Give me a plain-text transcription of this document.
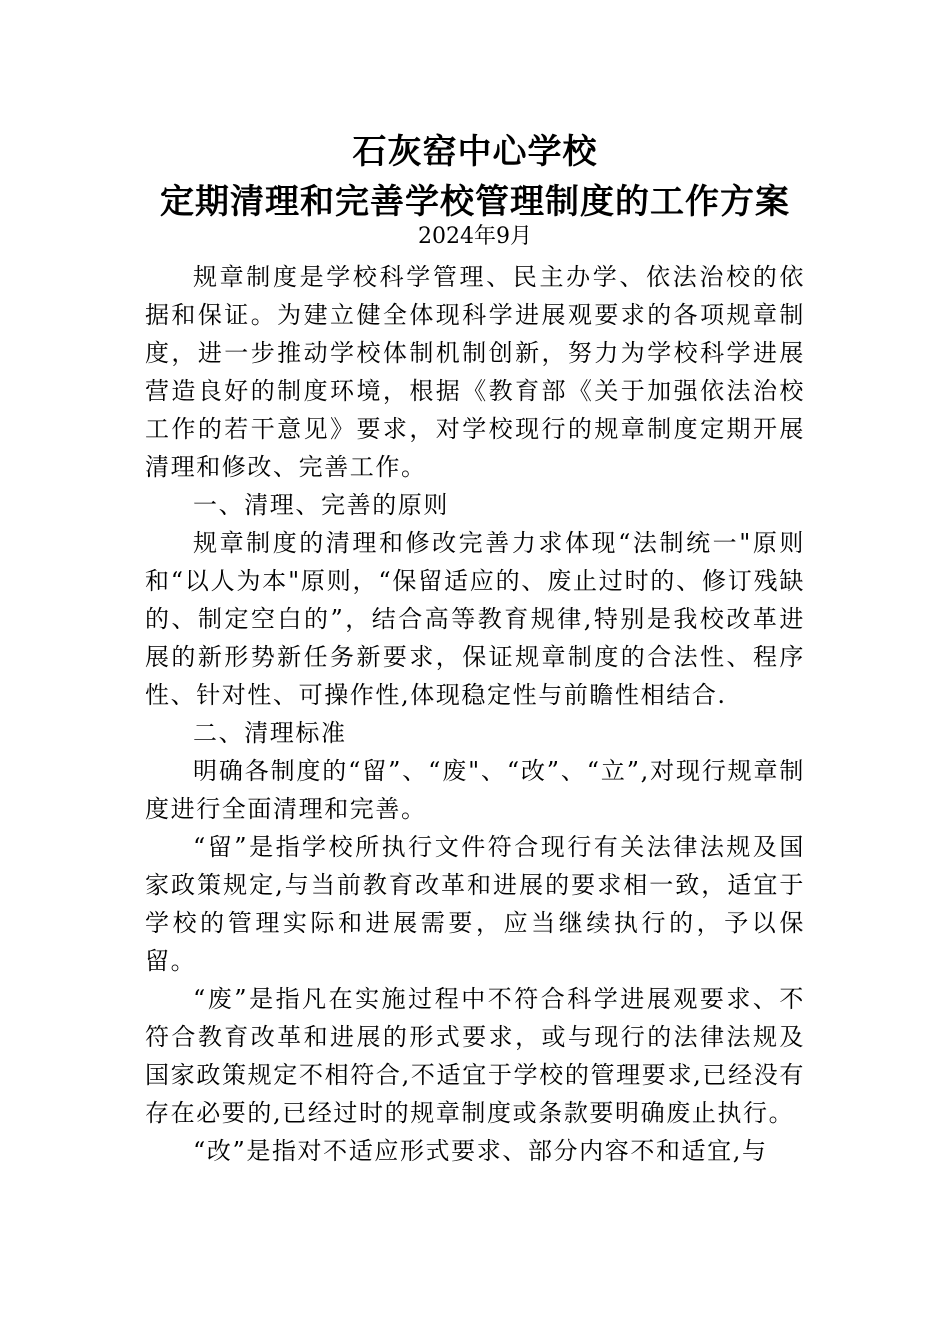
石灰窑中心学校
定期清理和完善学校管理制度的工作方案
2024年9月

规章制度是学校科学管理、民主办学、依法治校的依据和保证。为建立健全体现科学进展观要求的各项规章制度，进一步推动学校体制机制创新，努力为学校科学进展营造良好的制度环境，根据《教育部《关于加强依法治校工作的若干意见》要求，对学校现行的规章制度定期开展清理和修改、完善工作。

一、清理、完善的原则

规章制度的清理和修改完善力求体现“法制统一"原则和“以人为本"原则，“保留适应的、废止过时的、修订残缺的、制定空白的”，结合高等教育规律,特别是我校改革进展的新形势新任务新要求，保证规章制度的合法性、程序性、针对性、可操作性,体现稳定性与前瞻性相结合.

二、清理标准

明确各制度的“留”、“废"、“改”、“立”,对现行规章制度进行全面清理和完善。

“留”是指学校所执行文件符合现行有关法律法规及国家政策规定,与当前教育改革和进展的要求相一致，适宜于学校的管理实际和进展需要，应当继续执行的，予以保留。

“废”是指凡在实施过程中不符合科学进展观要求、不符合教育改革和进展的形式要求，或与现行的法律法规及国家政策规定不相符合,不适宜于学校的管理要求,已经没有存在必要的,已经过时的规章制度或条款要明确废止执行。

“改”是指对不适应形式要求、部分内容不和适宜,与
